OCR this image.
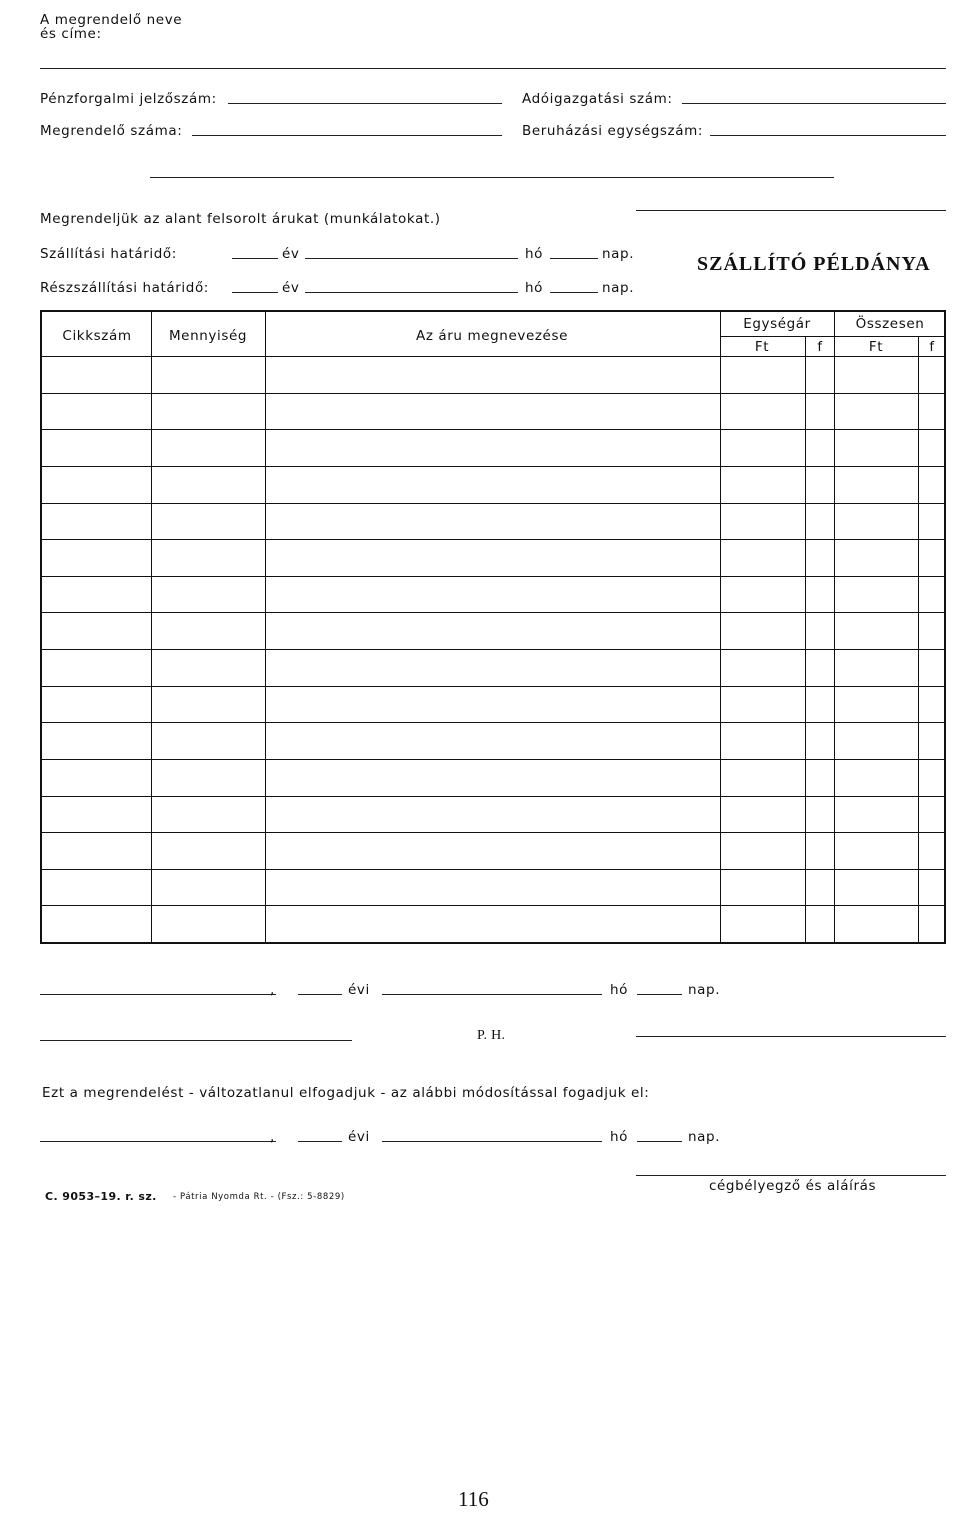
A megrendelő neve
és címe:
Pénzforgalmi jelzőszám:	Adóigazgatási szám:
Megrendelő száma:	Beruházási egységszám:
Megrendeljük az alant felsorolt árukat (munkálatokat.)
Szállítási határidő:	év	hó	nap.
Részszállítási határidő:	év	hó	nap.
SZÁLLÍTÓ PÉLDÁNYA
Cikkszám	Mennyiség	Az áru megnevezése
Egységár	Összesen
Ft	f	Ft	f
,	évi	hó	nap.
P. H.
Ezt a megrendelést - változatlanul elfogadjuk - az alábbi módosítással fogadjuk el:
,	évi	hó	nap.
cégbélyegző és aláírás
C. 9053–19. r. sz. - Pátria Nyomda Rt. - (Fsz.: 5-8829)
116
